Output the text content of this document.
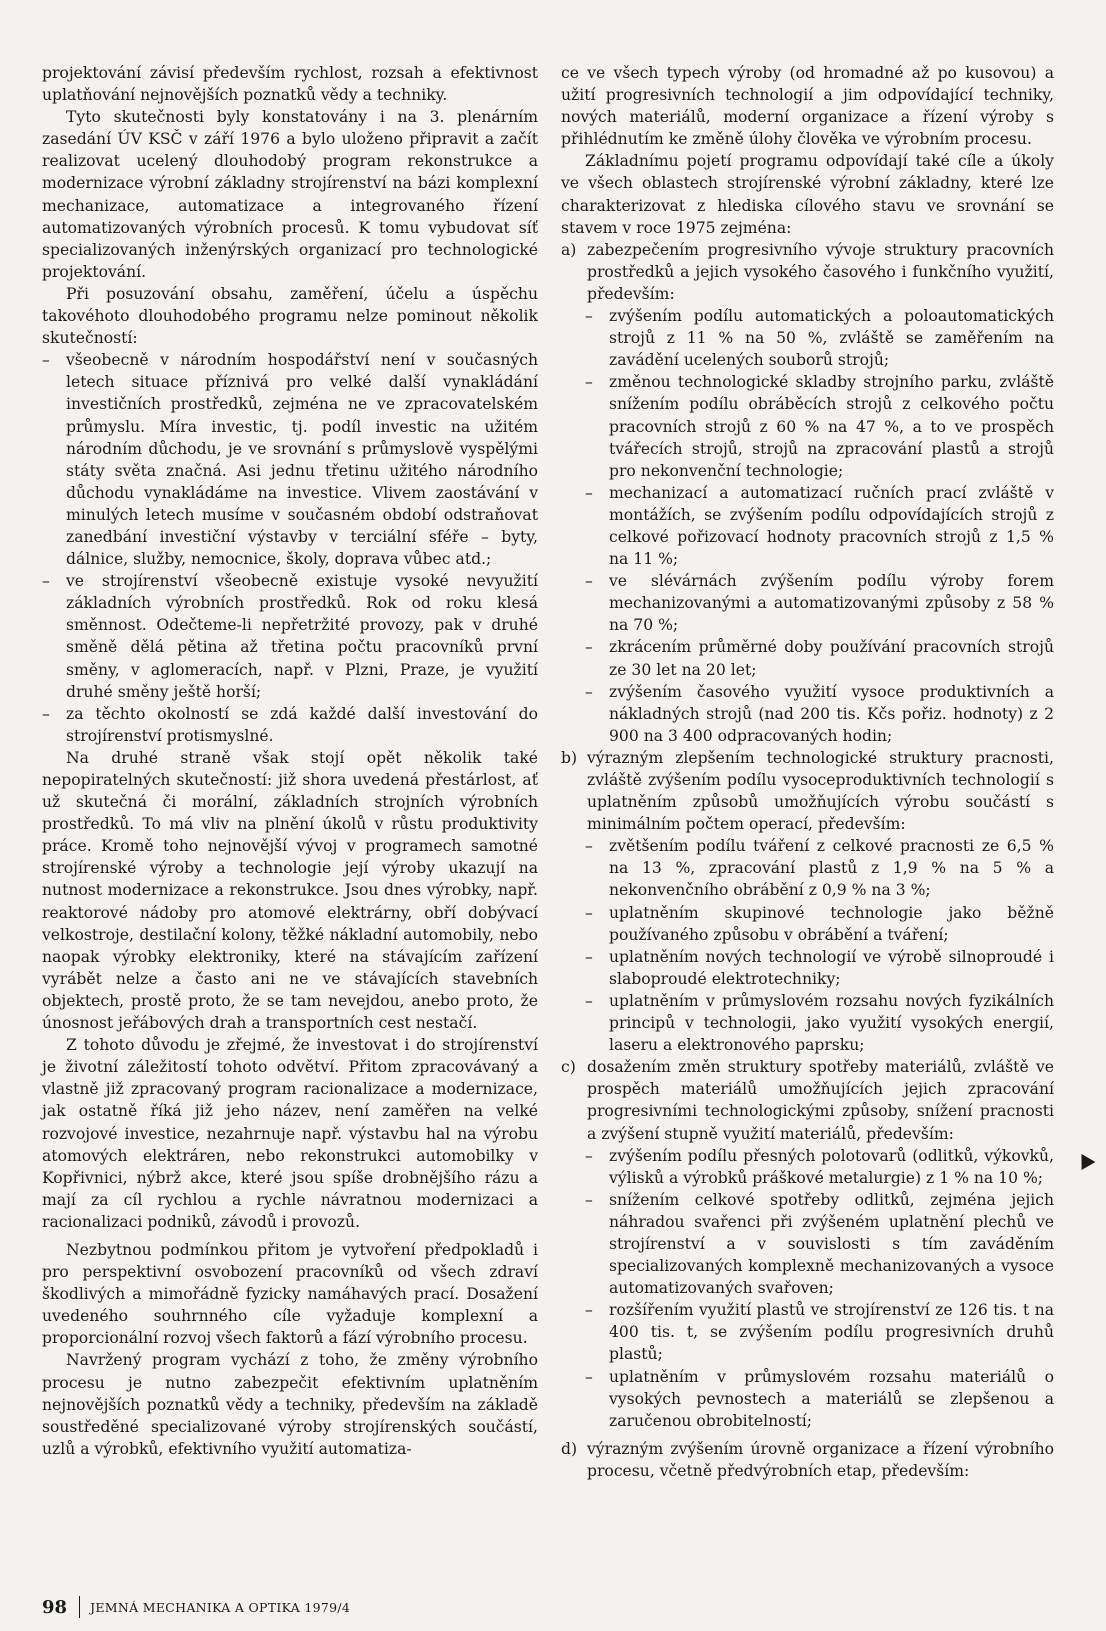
projektování závisí především rychlost, rozsah a efektivnost uplatňování nejnovějších poznatků vědy a techniky.

Tyto skutečnosti byly konstatovány i na 3. plenárním zasedání ÚV KSČ v září 1976 a bylo uloženo připravit a začít realizovat ucelený dlouhodobý program rekonstrukce a modernizace výrobní základny strojírenství na bázi komplexní mechanizace, automatizace a integrovaného řízení automatizovaných výrobních procesů. K tomu vybudovat síť specializovaných inženýrských organizací pro technologické projektování.

Při posuzování obsahu, zaměření, účelu a úspěchu takovéhoto dlouhodobého programu nelze pominout několik skutečností:

– všeobecně v národním hospodářství není v současných letech situace příznivá pro velké další vynakládání investičních prostředků, zejména ne ve zpracovatelském průmyslu. Míra investic, tj. podíl investic na užitém národním důchodu, je ve srovnání s průmyslově vyspělými státy světa značná. Asi jednu třetinu užitého národního důchodu vynakládáme na investice. Vlivem zaostávání v minulých letech musíme v současném období odstraňovat zanedbání investiční výstavby v terciální sféře – byty, dálnice, služby, nemocnice, školy, doprava vůbec atd.;

– ve strojírenství všeobecně existuje vysoké nevyužití základních výrobních prostředků. Rok od roku klesá směnnost. Odečteme-li nepřetržité provozy, pak v druhé směně dělá pětina až třetina počtu pracovníků první směny, v aglomeracích, např. v Plzni, Praze, je využití druhé směny ještě horší;

– za těchto okolností se zdá každé další investování do strojírenství protismyslné.

Na druhé straně však stojí opět několik také nepopiratelných skutečností: již shora uvedená přestárlost, ať už skutečná či morální, základních strojních výrobních prostředků. To má vliv na plnění úkolů v růstu produktivity práce. Kromě toho nejnovější vývoj v programech samotné strojírenské výroby a technologie její výroby ukazují na nutnost modernizace a rekonstrukce. Jsou dnes výrobky, např. reaktorové nádoby pro atomové elektrárny, obří dobývací velkostroje, destilační kolony, těžké nákladní automobily, nebo naopak výrobky elektroniky, které na stávajícím zařízení vyrábět nelze a často ani ne ve stávajících stavebních objektech, prostě proto, že se tam nevejdou, anebo proto, že únosnost jeřábových drah a transportních cest nestačí.

Z tohoto důvodu je zřejmé, že investovat i do strojírenství je životní záležitostí tohoto odvětví. Přitom zpracovávaný a vlastně již zpracovaný program racionalizace a modernizace, jak ostatně říká již jeho název, není zaměřen na velké rozvojové investice, nezahrnuje např. výstavbu hal na výrobu atomových elektráren, nebo rekonstrukci automobilky v Kopřivnici, nýbrž akce, které jsou spíše drobnějšího rázu a mají za cíl rychlou a rychle návratnou modernizaci a racionalizaci podniků, závodů i provozů.

Nezbytnou podmínkou přitom je vytvoření předpokladů i pro perspektivní osvobození pracovníků od všech zdraví škodlivých a mimořádně fyzicky namáhavých prací. Dosažení uvedeného souhrnného cíle vyžaduje komplexní a proporcionální rozvoj všech faktorů a fází výrobního procesu.

Navržený program vychází z toho, že změny výrobního procesu je nutno zabezpečit efektivním uplatněním nejnovějších poznatků vědy a techniky, především na základě soustředěné specializované výroby strojírenských součástí, uzlů a výrobků, efektivního využití automatiza-

ce ve všech typech výroby (od hromadné až po kusovou) a užití progresivních technologií a jim odpovídající techniky, nových materiálů, moderní organizace a řízení výroby s přihlédnutím ke změně úlohy člověka ve výrobním procesu.

Základnímu pojetí programu odpovídají také cíle a úkoly ve všech oblastech strojírenské výrobní základny, které lze charakterizovat z hlediska cílového stavu ve srovnání se stavem v roce 1975 zejména:

a) zabezpečením progresivního vývoje struktury pracovních prostředků a jejich vysokého časového i funkčního využití, především:

– zvýšením podílu automatických a poloautomatických strojů z 11 % na 50 %, zvláště se zaměřením na zavádění ucelených souborů strojů;

– změnou technologické skladby strojního parku, zvláště snížením podílu obráběcích strojů z celkového počtu pracovních strojů z 60 % na 47 %, a to ve prospěch tvářecích strojů, strojů na zpracování plastů a strojů pro nekonvenční technologie;

– mechanizací a automatizací ručních prací zvláště v montážích, se zvýšením podílu odpovídajících strojů z celkové pořizovací hodnoty pracovních strojů z 1,5 % na 11 %;

– ve slévárnách zvýšením podílu výroby forem mechanizovanými a automatizovanými způsoby z 58 % na 70 %;

– zkrácením průměrné doby používání pracovních strojů ze 30 let na 20 let;

– zvýšením časového využití vysoce produktivních a nákladných strojů (nad 200 tis. Kčs pořiz. hodnoty) z 2 900 na 3 400 odpracovaných hodin;

b) výrazným zlepšením technologické struktury pracnosti, zvláště zvýšením podílu vysoceproduktivních technologií s uplatněním způsobů umožňujících výrobu součástí s minimálním počtem operací, především:

– zvětšením podílu tváření z celkové pracnosti ze 6,5 % na 13 %, zpracování plastů z 1,9 % na 5 % a nekonvenčního obrábění z 0,9 % na 3 %;

– uplatněním skupinové technologie jako běžně používaného způsobu v obrábění a tváření;

– uplatněním nových technologií ve výrobě silnoproudé i slaboproudé elektrotechniky;

– uplatněním v průmyslovém rozsahu nových fyzikálních principů v technologii, jako využití vysokých energií, laseru a elektronového paprsku;

c) dosažením změn struktury spotřeby materiálů, zvláště ve prospěch materiálů umožňujících jejich zpracování progresivními technologickými způsoby, snížení pracnosti a zvýšení stupně využití materiálů, především:

– zvýšením podílu přesných polotovarů (odlitků, výkovků, výlisků a výrobků práškové metalurgie) z 1 % na 10 %;

– snížením celkové spotřeby odlitků, zejména jejich náhradou svařenci při zvýšeném uplatnění plechů ve strojírenství a v souvislosti s tím zaváděním specializovaných komplexně mechanizovaných a vysoce automatizovaných svařoven;

– rozšířením využití plastů ve strojírenství ze 126 tis. t na 400 tis. t, se zvýšením podílu progresivních druhů plastů;

– uplatněním v průmyslovém rozsahu materiálů o vysokých pevnostech a materiálů se zlepšenou a zaručenou obrobitelností;

d) výrazným zvýšením úrovně organizace a řízení výrobního procesu, včetně předvýrobních etap, především:

98 JEMNÁ MECHANIKA A OPTIKA 1979/4
